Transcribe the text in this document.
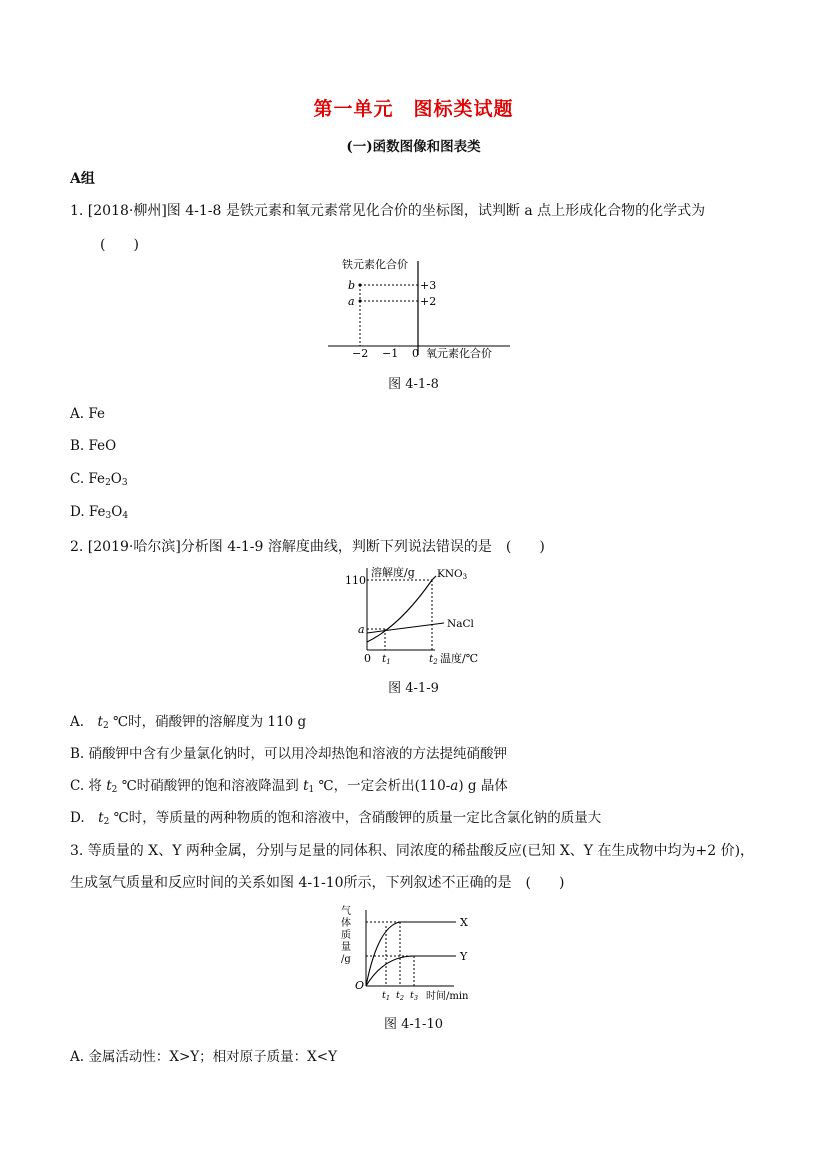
第一单元　图标类试题
(一)函数图像和图表类
A组
1. [2018·柳州]图 4-1-8 是铁元素和氧元素常见化合价的坐标图，试判断 a 点上形成化合物的化学式为
(　　)
铁元素化合价
氧元素化合价
b
a
+3
+2
−2 −1 0
图 4-1-8
A. Fe
B. FeO
C. $Fe_2O_3$
D. $Fe_3O_4$
2. [2019·哈尔滨]分析图 4-1-9 溶解度曲线，判断下列说法错误的是　(　　)
溶解度/g
110
a
KNO3
NaCl
0 t1	t2 温度/℃
图 4-1-9
A.　$t_2$ ℃时，硝酸钾的溶解度为 110 g
B. 硝酸钾中含有少量氯化钠时，可以用冷却热饱和溶液的方法提纯硝酸钾
C. 将 $t_2$ ℃时硝酸钾的饱和溶液降温到 $t_1$ ℃，一定会析出(110-a) g 晶体
D.　$t_2$ ℃时，等质量的两种物质的饱和溶液中，含硝酸钾的质量一定比含氯化钠的质量大
3. 等质量的 X、Y 两种金属，分别与足量的同体积、同浓度的稀盐酸反应(已知 X、Y 在生成物中均为+2 价)，
生成氢气质量和反应时间的关系如图 4-1-10所示，下列叙述不正确的是　(　　)
气
体
质
量
/g
X
Y
O
$t_1$ $t_2$ $t_3$ 时间/min
图 4-1-10
A. 金属活动性：X>Y；相对原子质量：X<Y
